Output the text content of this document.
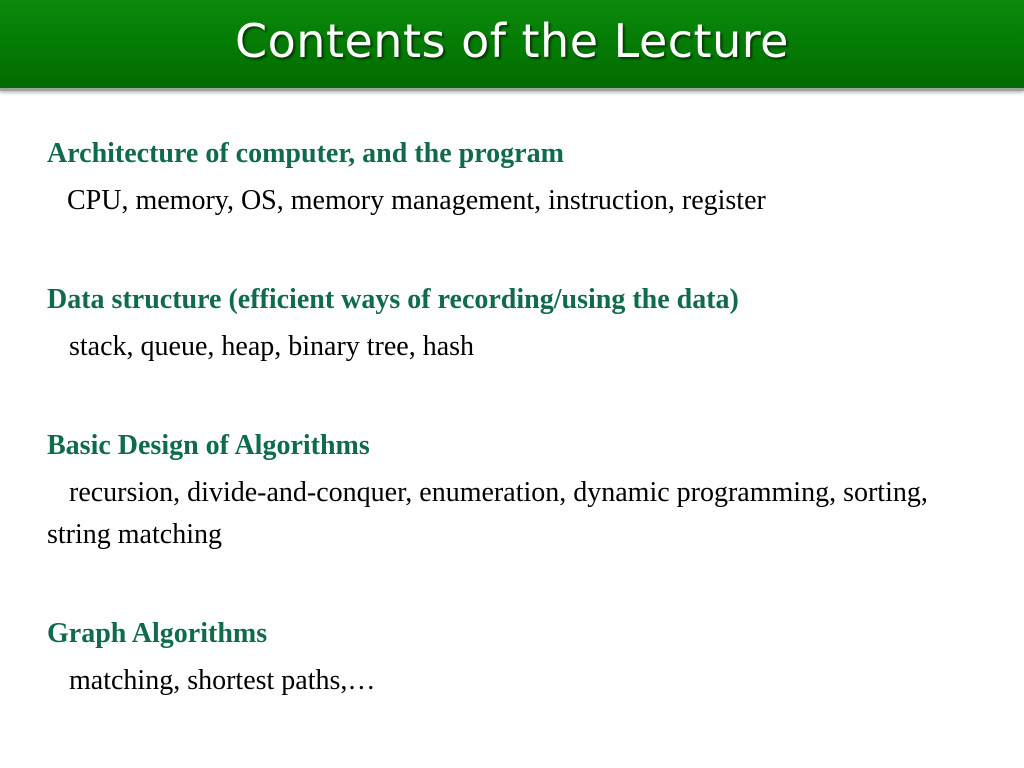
Contents of the Lecture
Architecture of computer, and the program
CPU, memory, OS, memory management, instruction, register
Data structure (efficient ways of recording/using the data)
stack, queue, heap, binary tree, hash
Basic Design of Algorithms
recursion, divide-and-conquer, enumeration, dynamic programming, sorting, string matching
Graph Algorithms
matching, shortest paths,…
